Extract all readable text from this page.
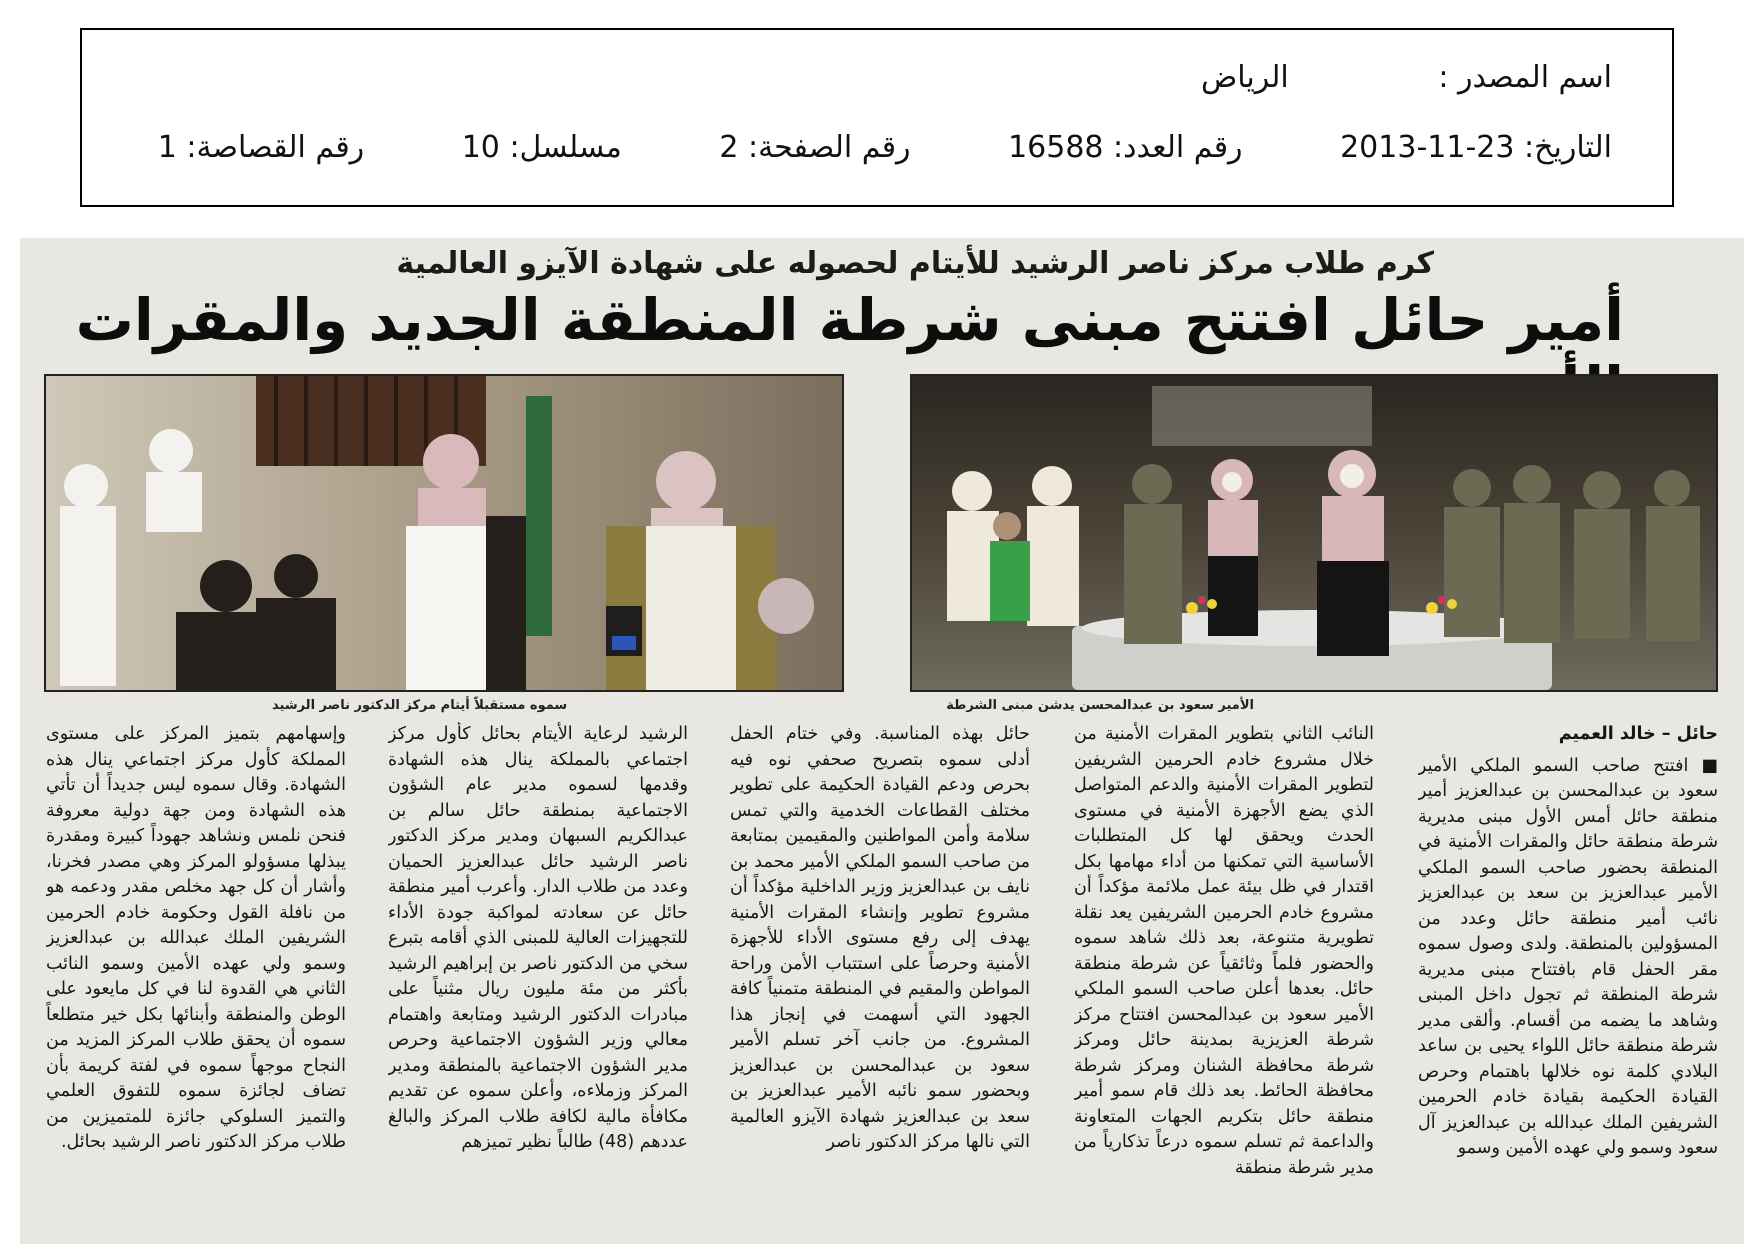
اسم المصدر : الرياض
التاريخ: 23-11-2013 رقم العدد: 16588 رقم الصفحة: 2 مسلسل: 10 رقم القصاصة: 1
كرم طلاب مركز ناصر الرشيد للأيتام لحصوله على شهادة الآيزو العالمية
أمير حائل افتتح مبنى شرطة المنطقة الجديد والمقرات
الأمير سعود بن عبدالمحسن يدشن مبنى الشرطة
سموه مستقبلاً أيتام مركز الدكتور ناصر الرشيد

حائل – خالد العميم

■ افتتح صاحب السمو الملكي الأمير سعود بن عبدالمحسن بن عبدالعزيز أمير منطقة حائل أمس الأول مبنى مديرية شرطة منطقة حائل والمقرات الأمنية في المنطقة بحضور صاحب السمو الملكي الأمير عبدالعزيز بن سعد بن عبدالعزيز نائب أمير منطقة حائل وعدد من المسؤولين بالمنطقة. ولدى وصول سموه مقر الحفل قام بافتتاح مبنى مديرية شرطة المنطقة ثم تجول داخل المبنى وشاهد ما يضمه من أقسام. وألقى مدير شرطة منطقة حائل اللواء يحيى بن ساعد البلادي كلمة نوه خلالها باهتمام وحرص القيادة الحكيمة بقيادة خادم الحرمين الشريفين الملك عبدالله بن عبدالعزيز آل سعود وسمو ولي عهده الأمين وسمو

النائب الثاني بتطوير المقرات الأمنية من خلال مشروع خادم الحرمين الشريفين لتطوير المقرات الأمنية والدعم المتواصل الذي يضع الأجهزة الأمنية في مستوى الحدث ويحقق لها كل المتطلبات الأساسية التي تمكنها من أداء مهامها بكل اقتدار في ظل بيئة عمل ملائمة مؤكداً أن مشروع خادم الحرمين الشريفين يعد نقلة تطويرية متنوعة، بعد ذلك شاهد سموه والحضور فلماً وثائقياً عن شرطة منطقة حائل. بعدها أعلن صاحب السمو الملكي الأمير سعود بن عبدالمحسن افتتاح مركز شرطة العزيزية بمدينة حائل ومركز شرطة محافظة الشنان ومركز شرطة محافظة الحائط. بعد ذلك قام سمو أمير منطقة حائل بتكريم الجهات المتعاونة والداعمة ثم تسلم سموه درعاً تذكارياً من مدير شرطة منطقة

حائل بهذه المناسبة. وفي ختام الحفل أدلى سموه بتصريح صحفي نوه فيه بحرص ودعم القيادة الحكيمة على تطوير مختلف القطاعات الخدمية والتي تمس سلامة وأمن المواطنين والمقيمين بمتابعة من صاحب السمو الملكي الأمير محمد بن نايف بن عبدالعزيز وزير الداخلية مؤكداً أن مشروع تطوير وإنشاء المقرات الأمنية يهدف إلى رفع مستوى الأداء للأجهزة الأمنية وحرصاً على استتباب الأمن وراحة المواطن والمقيم في المنطقة متمنياً كافة الجهود التي أسهمت في إنجاز هذا المشروع. من جانب آخر تسلم الأمير سعود بن عبدالمحسن بن عبدالعزيز وبحضور سمو نائبه الأمير عبدالعزيز بن سعد بن عبدالعزيز شهادة الآيزو العالمية التي نالها مركز الدكتور ناصر

الرشيد لرعاية الأيتام بحائل كأول مركز اجتماعي بالمملكة ينال هذه الشهادة وقدمها لسموه مدير عام الشؤون الاجتماعية بمنطقة حائل سالم بن عبدالكريم السبهان ومدير مركز الدكتور ناصر الرشيد حائل عبدالعزيز الحميان وعدد من طلاب الدار. وأعرب أمير منطقة حائل عن سعادته لمواكبة جودة الأداء للتجهيزات العالية للمبنى الذي أقامه بتبرع سخي من الدكتور ناصر بن إبراهيم الرشيد بأكثر من مئة مليون ريال مثنياً على مبادرات الدكتور الرشيد ومتابعة واهتمام معالي وزير الشؤون الاجتماعية وحرص مدير الشؤون الاجتماعية بالمنطقة ومدير المركز وزملاءه، وأعلن سموه عن تقديم مكافأة مالية لكافة طلاب المركز والبالغ عددهم (48) طالباً نظير تميزهم

وإسهامهم بتميز المركز على مستوى المملكة كأول مركز اجتماعي ينال هذه الشهادة. وقال سموه ليس جديداً أن تأتي هذه الشهادة ومن جهة دولية معروفة فنحن نلمس ونشاهد جهوداً كبيرة ومقدرة يبذلها مسؤولو المركز وهي مصدر فخرنا، وأشار أن كل جهد مخلص مقدر ودعمه هو من نافلة القول وحكومة خادم الحرمين الشريفين الملك عبدالله بن عبدالعزيز وسمو ولي عهده الأمين وسمو النائب الثاني هي القدوة لنا في كل مايعود على الوطن والمنطقة وأبنائها بكل خير متطلعاً سموه أن يحقق طلاب المركز المزيد من النجاح موجهاً سموه في لفتة كريمة بأن تضاف لجائزة سموه للتفوق العلمي والتميز السلوكي جائزة للمتميزين من طلاب مركز الدكتور ناصر الرشيد بحائل.
